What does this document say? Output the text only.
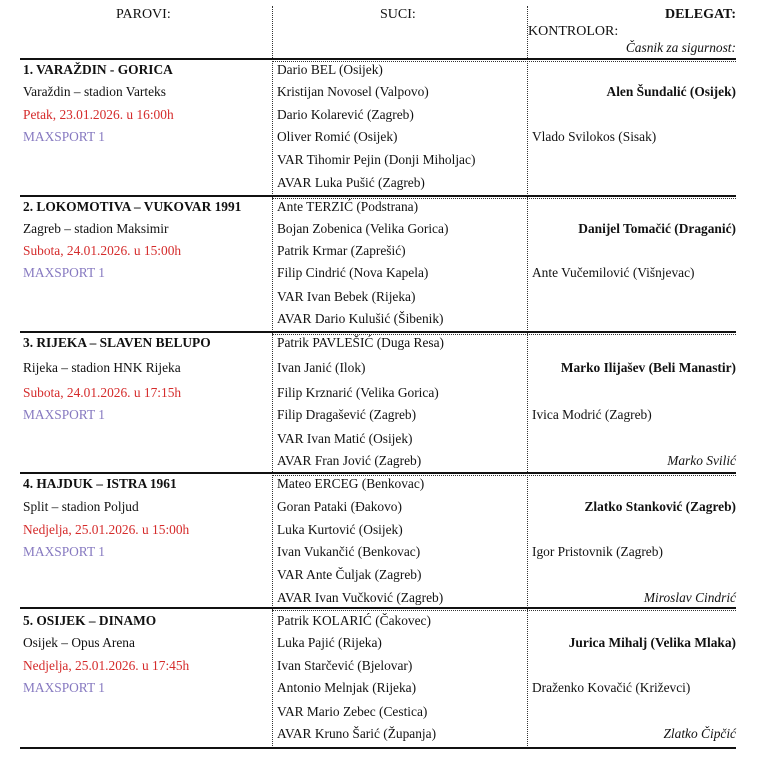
PAROVI:	SUCI:	DELEGAT:
KONTROLOR:
Časnik za sigurnost:
1. VARAŽDIN - GORICA
Varaždin – stadion Varteks
Petak, 23.01.2026. u 16:00h
MAXSPORT 1
Dario BEL (Osijek)
Kristijan Novosel (Valpovo)
Dario Kolarević (Zagreb)
Oliver Romić (Osijek)
VAR Tihomir Pejin (Donji Miholjac)
AVAR Luka Pušić (Zagreb)
Alen Šundalić (Osijek)
Vlado Svilokos (Sisak)
2. LOKOMOTIVA – VUKOVAR 1991
Zagreb – stadion Maksimir
Subota, 24.01.2026. u 15:00h
MAXSPORT 1
Ante TERZIĆ (Podstrana)
Bojan Zobenica (Velika Gorica)
Patrik Krmar (Zaprešić)
Filip Cindrić (Nova Kapela)
VAR Ivan Bebek (Rijeka)
AVAR Dario Kulušić (Šibenik)
Danijel Tomačić (Draganić)
Ante Vučemilović (Višnjevac)
3. RIJEKA – SLAVEN BELUPO
Rijeka – stadion HNK Rijeka
Subota, 24.01.2026. u 17:15h
MAXSPORT 1
Patrik PAVLEŠIĆ (Duga Resa)
Ivan Janić (Ilok)
Filip Krznarić (Velika Gorica)
Filip Dragašević (Zagreb)
VAR Ivan Matić (Osijek)
AVAR Fran Jović (Zagreb)
Marko Ilijašev (Beli Manastir)
Ivica Modrić (Zagreb)
Marko Svilić
4. HAJDUK – ISTRA 1961
Split – stadion Poljud
Nedjelja, 25.01.2026. u 15:00h
MAXSPORT 1
Mateo ERCEG (Benkovac)
Goran Pataki (Đakovo)
Luka Kurtović (Osijek)
Ivan Vukančić (Benkovac)
VAR Ante Čuljak (Zagreb)
AVAR Ivan Vučković (Zagreb)
Zlatko Stanković (Zagreb)
Igor Pristovnik (Zagreb)
Miroslav Cindrić
5. OSIJEK – DINAMO
Osijek – Opus Arena
Nedjelja, 25.01.2026. u 17:45h
MAXSPORT 1
Patrik KOLARIĆ (Čakovec)
Luka Pajić (Rijeka)
Ivan Starčević (Bjelovar)
Antonio Melnjak (Rijeka)
VAR Mario Zebec (Cestica)
AVAR Kruno Šarić (Županja)
Jurica Mihalj (Velika Mlaka)
Draženko Kovačić (Križevci)
Zlatko Čipčić
